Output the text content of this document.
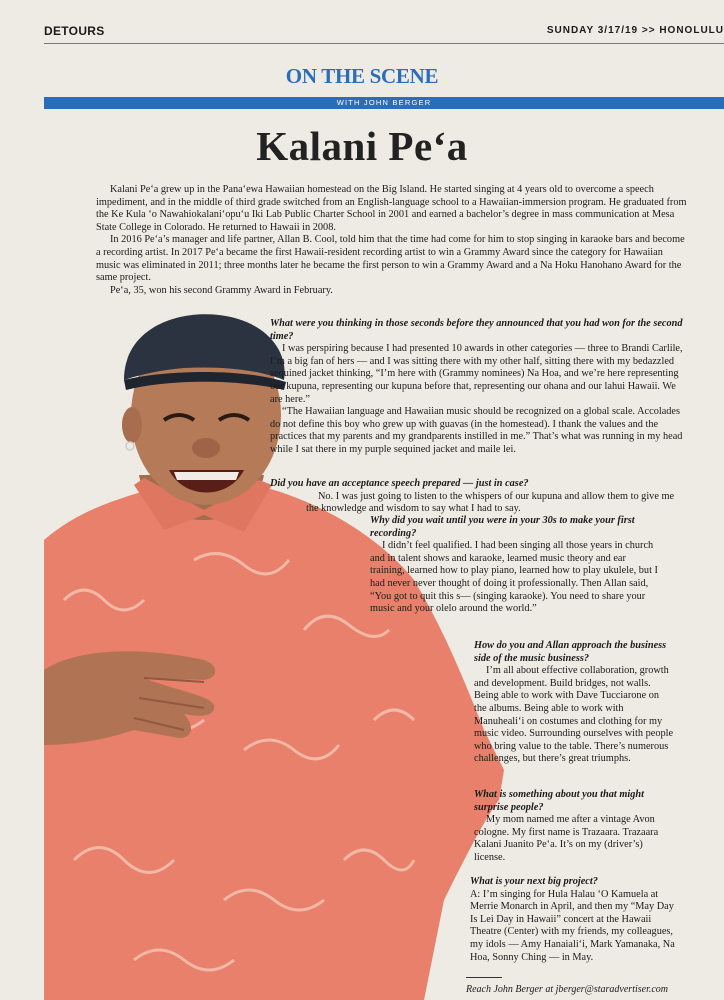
DETOURS	SUNDAY 3/17/19 >> HONOLULU
ON THE SCENE
WITH JOHN BERGER
Kalani Pe‘a

Kalani Pe‘a grew up in the Pana‘ewa Hawaiian homestead on the Big Island. He started singing at 4 years old to overcome a speech impediment, and in the middle of third grade switched from an English-language school to a Hawaiian-immersion program. He graduated from the Ke Kula ‘o Nawahiokalani‘opu‘u Iki Lab Public Charter School in 2001 and earned a bachelor’s degree in mass communication at Mesa State College in Colorado. He returned to Hawaii in 2008.

In 2016 Pe‘a’s manager and life partner, Allan B. Cool, told him that the time had come for him to stop singing in karaoke bars and become a recording artist. In 2017 Pe‘a became the first Hawaii-resident recording artist to win a Grammy Award since the category for Hawaiian music was eliminated in 2011; three months later he became the first person to win a Grammy Award and a Na Hoku Hanohano Award for the same project.

Pe‘a, 35, won his second Grammy Award in February.

What were you thinking in those seconds before they announced that you had won for the second time?

I was perspiring because I had presented 10 awards in other categories — three to Brandi Carlile, I’m a big fan of hers — and I was sitting there with my other half, sitting there with my bedazzled sequined jacket thinking, “I’m here with (Grammy nominees) Na Hoa, and we’re here representing our kupuna, representing our kupuna before that, representing our ohana and our lahui Hawaii. We are here.”

“The Hawaiian language and Hawaiian music should be recognized on a global scale. Accolades do not define this boy who grew up with guavas (in the homestead). I thank the values and the practices that my parents and my grandparents instilled in me.” That’s what was running in my head while I sat there in my purple sequined jacket and maile lei.

Did you have an acceptance speech prepared — just in case?

No. I was just going to listen to the whispers of our kupuna and allow them to give me the knowledge and wisdom to say what I had to say.

Why did you wait until you were in your 30s to make your first recording?

I didn’t feel qualified. I had been singing all those years in church and in talent shows and karaoke, learned music theory and ear training, learned how to play piano, learned how to play ukulele, but I had never never thought of doing it professionally. Then Allan said, “You got to quit this s— (singing karaoke). You need to share your music and your olelo around the world.”

How do you and Allan approach the business side of the music business?

I’m all about effective collaboration, growth and development. Build bridges, not walls. Being able to work with Dave Tucciarone on the albums. Being able to work with Manuheali‘i on costumes and clothing for my music video. Surrounding ourselves with people who bring value to the table. There’s numerous challenges, but there’s great triumphs.

What is something about you that might surprise people?

My mom named me after a vintage Avon cologne. My first name is Trazaara. Trazaara Kalani Juanito Pe‘a. It’s on my (driver’s) license.

What is your next big project?

A: I’m singing for Hula Halau ‘O Kamuela at Merrie Monarch in April, and then my “May Day Is Lei Day in Hawaii” concert at the Hawaii Theatre (Center) with my friends, my colleagues, my idols — Amy Hanaiali‘i, Mark Yamanaka, Na Hoa, Sonny Ching — in May.

Reach John Berger at jberger@staradvertiser.com
